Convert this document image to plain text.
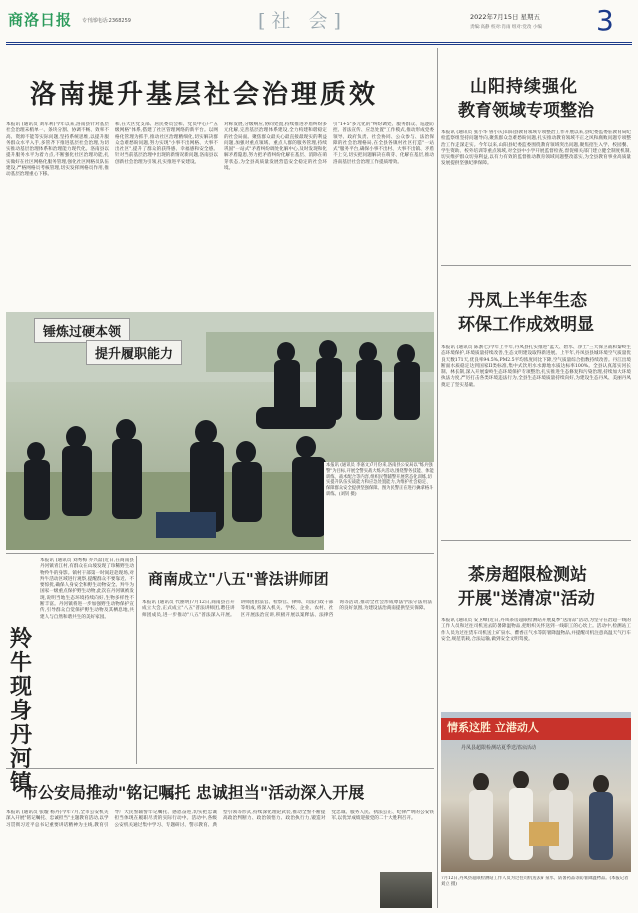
商洛日报 专刊部电话:2368259	[社 会]	2022年7月15日 星期五
责编:高静 校对:肖雨 组对:党改 小编 3
洛南提升基层社会治理质效
本报讯 (通讯员 刘军利)今年以来,洛南县针对基层社会治理末梢单一、条块分割、协调不畅、效率不高、资源不能等实际问题,坚持系统思维,以提升服务群众水平入手,多管齐下推进基层社会治理,为切实推动基层治理体系和治理能力现代化。洛南县以提升服务水平为着力点,不断强化社区治理功能,扎实做好在社区网格化服务管理,强化社区网格员队伍建设,严格网格员考核管理,切实发挥网格员作用,推动基层治理重心下移。
和,在大区党支部、居民委员会和、党员中心户"五级网格"体系,搭建了社区管理网络的新平台。以网格化管理为抓手,推动社区治理精细化,切实解决群众急难愁盼问题,努力实现"小事不出网格、大事不出社区",提升了群众的获得感、幸福感和安全感。针对当前基层治理中出现的新情况新问题,洛南县以创新社会治理为引领,扎实推进平安建设。
对称发展,分级响应,协同处置,持续推进矛盾纠纷多元化解,完善基层治理体系建设,全力构建和谐稳定的社会局面。聚焦群众最关心最直接最现实的利益问题,加强对重点领域、重点人群的服务管理,持续巩固"一站式"矛盾纠纷调处化解中心,及时发现和化解矛盾隐患,努力把矛盾纠纷化解在基层、消除在萌芽状态,为全县高质量发展营造安全稳定的社会环境。
引"1+5"多元化的"纠纷调处、服务群众、巡逻防控、普法宣传、应急处置"工作模式,推动形成党委领导、政府负责、社会协同、公众参与、法治保障的社会治理格局,在全县各镇村社区打造"一站式"服务平台,确保小事不出村、大事不出镇、矛盾不上交,切实把问题解决在萌芽、化解在基层,推动洛南基层社会治理工作提质增效。
锤炼过硬本领
提升履职能力
本报讯 (通讯员 李嘉文)7月份来,洛南县公安局以"练兵强警"为目标,开展全警实战大练兵活动,围绕警务技能、体能训练、战术配合等内容,组织民警辅警开展常态化训练,切实提升队伍实战能力和应急处置能力,为维护社会稳定、保障群众安全提供坚强保障。图为民警正在进行擒拿格斗训练。(刘钊 摄)
羚牛现身丹河镇
本报讯 (通讯员 刘秀梅 乔兴喆)近日,在商南县丹河镇青江村,有群众在山坡发现了珍稀野生动物羚牛的身影。镇村干部第一时间赶赴现场,对羚牛活动区域进行观察,提醒群众不要靠近、不要惊扰,确保人身安全和野生动物安全。羚牛为国家一级重点保护野生动物,此次在丹河镇被发现,说明当地生态环境持续向好,生物多样性不断丰富。丹河镇将进一步加强野生动物保护宣传,引导群众自觉保护野生动物及其栖息地,共建人与自然和谐共生的美好家园。
商南成立"八五"普法讲师团
本报讯 (通讯员 代丽明)7月12日,商南县召开成立大会,正式成立"八五"普法讲师团,聘任讲师团成员,进一步推动"八五"普法深入开展。讲师团由法官、检察官、律师、司法行政干部等组成,将深入机关、学校、企业、农村、社区开展法治宣讲,积极开展以案释法、法律咨询等活动,推动全社会形成尊法学法守法用法的良好氛围,为建设法治商南提供坚实保障。
市公安局推动"铭记嘱托 忠诚担当"活动深入开展
本报讯 (通讯员 张璇 杨丹)今年7月,全市公安机关深入开展"铭记嘱托、忠诚担当"主题教育活动,以学习贯彻习近平总书记重要讲话精神为主线,教育引导广大民警辅警牢记嘱托、感恩奋进,切实把忠诚担当体现在履职尽责的实际行动中。活动中,各级公安机关通过集中学习、专题研讨、警示教育、典型引领等形式,持续深化理论武装,推动全警不断提高政治判断力、政治领悟力、政治执行力,锻造对党忠诚、服务人民、执法公正、纪律严明的公安铁军,以优异成绩迎接党的二十大胜利召开。
山阳持续强化
教育领域专项整治
本报讯 (通讯员 张小华 鲁小庆)山阳县教育领域专项整治工作开展以来,县纪委监委驻教育局纪检监察组坚持问题导向,聚焦群众急难愁盼问题,扎实推动教育领域不正之风和腐败问题专项整治工作走深走实。今年以来,山阳县纪委监委围绕教育领域突出问题,聚焦招生入学、校园餐、学生资助、校外培训等重点领域,对全县中小学开展监督检查,督促相关部门建立健全制度机制,切实维护群众切身利益,以有力有效的监督推动教育领域问题整改落实,为全县教育事业高质量发展提供坚强纪律保障。
丹凤上半年生态
环保工作成效明显
本报讯 (通讯员 陈割七)今年上半年,丹凤县扎实推进"蓝天、碧水、净土"三大保卫战和秦岭生态环境保护,环境质量持续改善,生态文明建设取得新进展。上半年,丹凤县县城环境空气质量优良天数171天,优良率94.5%,PM2.5平均浓度同比下降,空气质量综合指数持续改善。丹江出境断面水质稳定达到国家II类标准,集中式饮用水水源地水质达标率100%。全县认真落实河长制、林长制,深入开展秦岭生态环境保护专项整治,扎实推进生态修复和污染治理,持续加大环境执法力度,严厉打击各类环境违法行为,全县生态环境质量持续向好,为建设生态丹凤、美丽丹凤奠定了坚实基础。
茶房超限检测站
开展"送清凉"活动
本报讯 (通讯员 安卫峰)近日,丹凤茶房超限检测站开展夏季"送清凉"活动,为坚守在治超一线的工作人员和过往司机送去防暑降温物品,把组织关怀送到一线职工的心坎上。活动中,检测站工作人员为过往货车司机送上矿泉水、藿香正气水等防暑降温物品,并提醒司机注意高温天气行车安全,规范装载,合法运输,做到安全文明驾驶。
情系这胜 立港动人
丹凤县超限检测站夏季送清凉活动
7月12日,丹凤县超限检测站工作人员为过往司机送去矿泉水、防暑药品等防暑降温物品。(本报记者 刘立 摄)
